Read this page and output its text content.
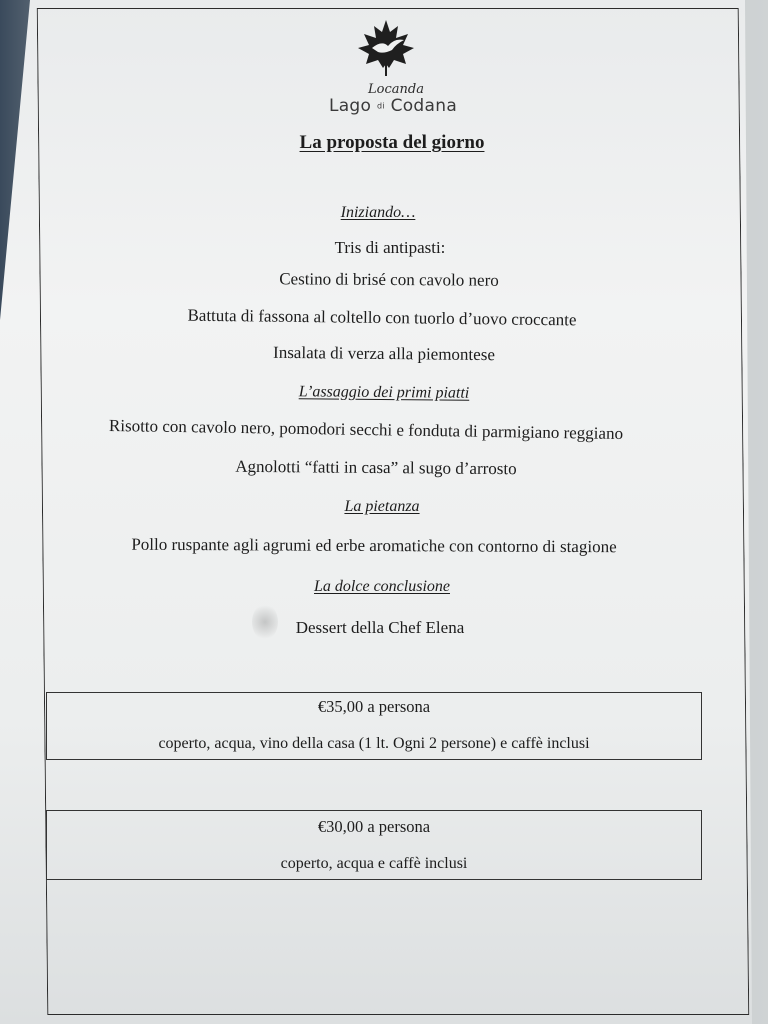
Locanda
Lago di Codana
La proposta del giorno
Iniziando…
Tris di antipasti:
Cestino di brisé con cavolo nero
Battuta di fassona al coltello con tuorlo d’uovo croccante
Insalata di verza alla piemontese
L’assaggio dei primi piatti
Risotto con cavolo nero, pomodori secchi e fonduta di parmigiano reggiano
Agnolotti “fatti in casa” al sugo d’arrosto
La pietanza
Pollo ruspante agli agrumi ed erbe aromatiche con contorno di stagione
La dolce conclusione
Dessert della Chef Elena
€35,00 a persona
coperto, acqua, vino della casa (1 lt. Ogni 2 persone) e caffè inclusi
€30,00 a persona
coperto, acqua e caffè inclusi
